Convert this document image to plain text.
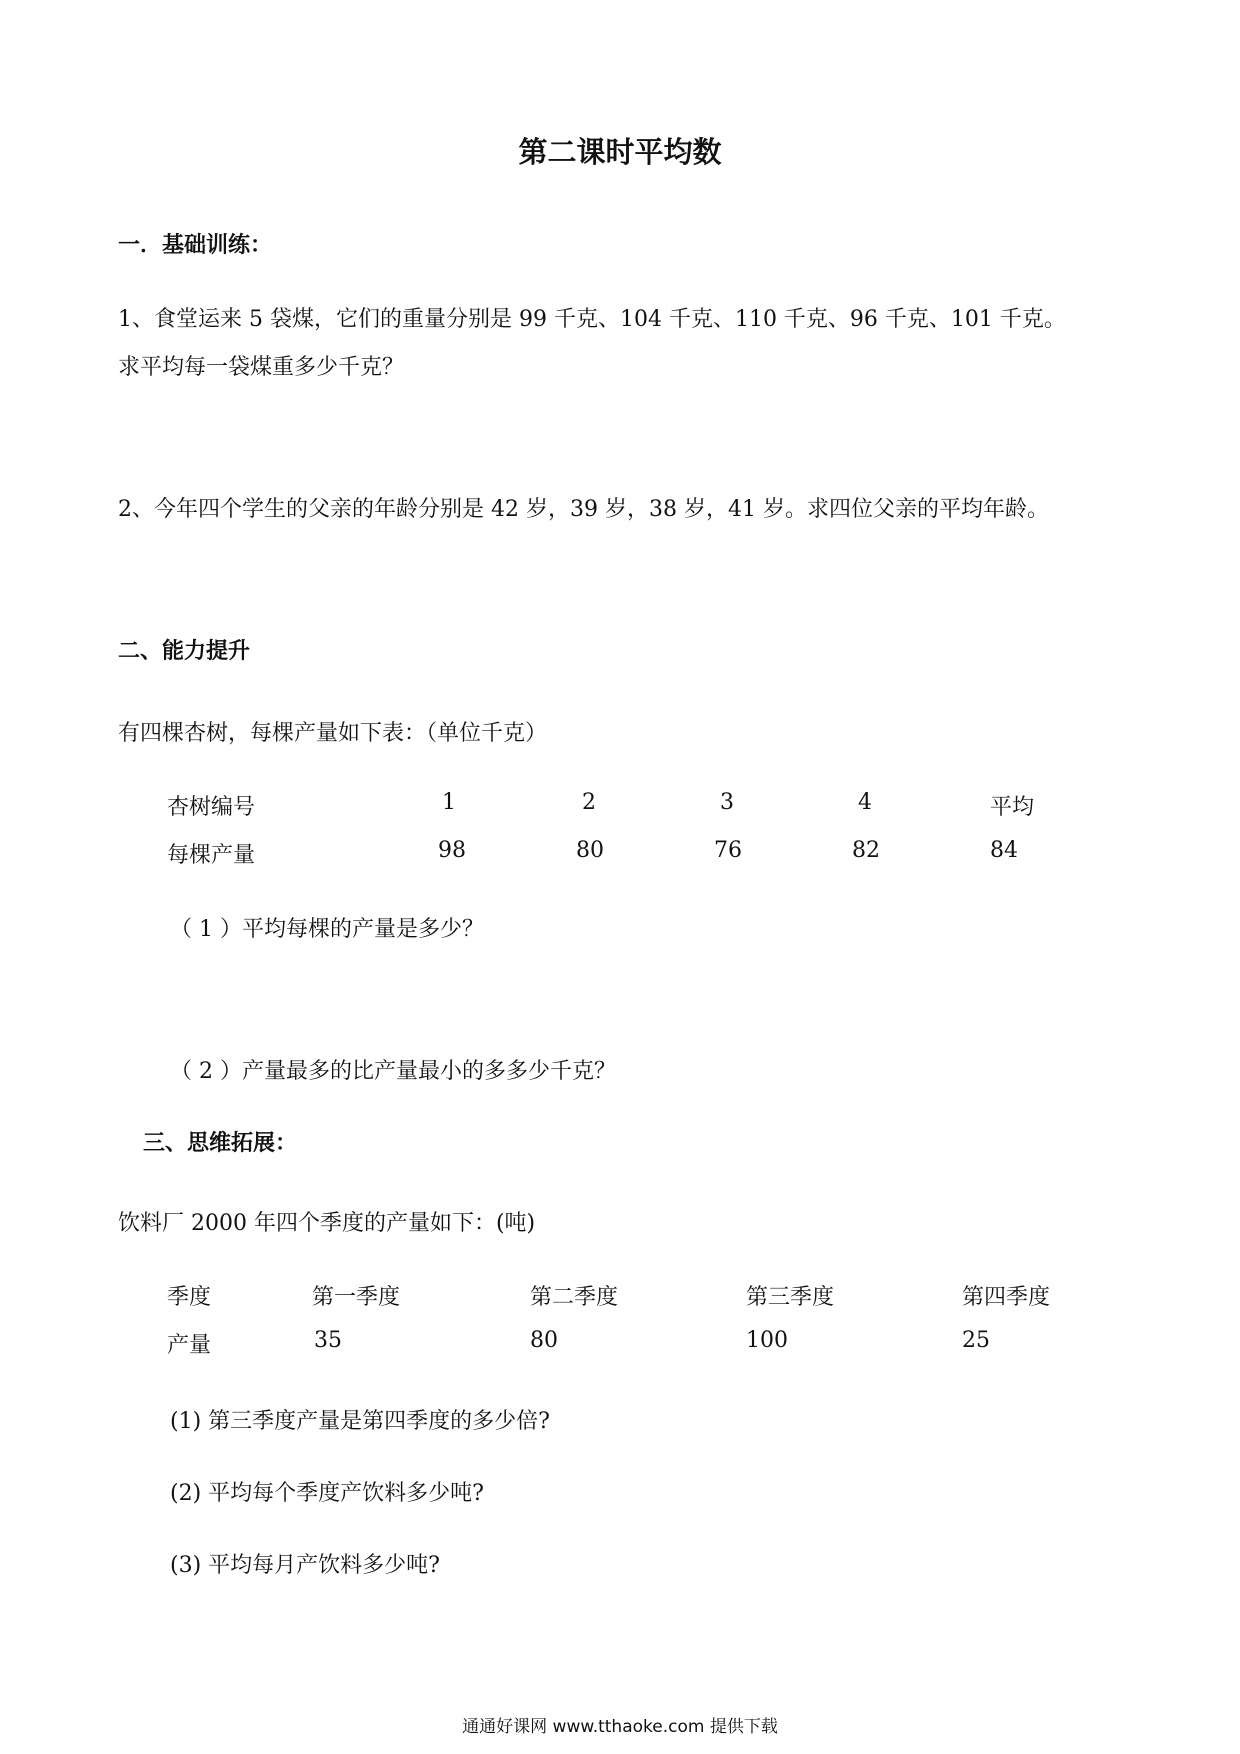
第二课时平均数
一．基础训练：
1、食堂运来 5 袋煤，它们的重量分别是 99 千克、104 千克、110 千克、96 千克、101 千克。
求平均每一袋煤重多少千克？
2、今年四个学生的父亲的年龄分别是 42 岁，39 岁，38 岁，41 岁。求四位父亲的平均年龄。
二、能力提升
有四棵杏树，每棵产量如下表：（单位千克）
杏树编号	1	2	3	4	平均
每棵产量	98	80	76	82	84
（ 1 ）平均每棵的产量是多少？
（ 2 ）产量最多的比产量最小的多多少千克？
三、思维拓展：
饮料厂 2000 年四个季度的产量如下：(吨)
季度	第一季度	第二季度	第三季度	第四季度
产量	35	80	100	25
(1) 第三季度产量是第四季度的多少倍?
(2) 平均每个季度产饮料多少吨?
(3) 平均每月产饮料多少吨?
通通好课网 www.tthaoke.com 提供下载
